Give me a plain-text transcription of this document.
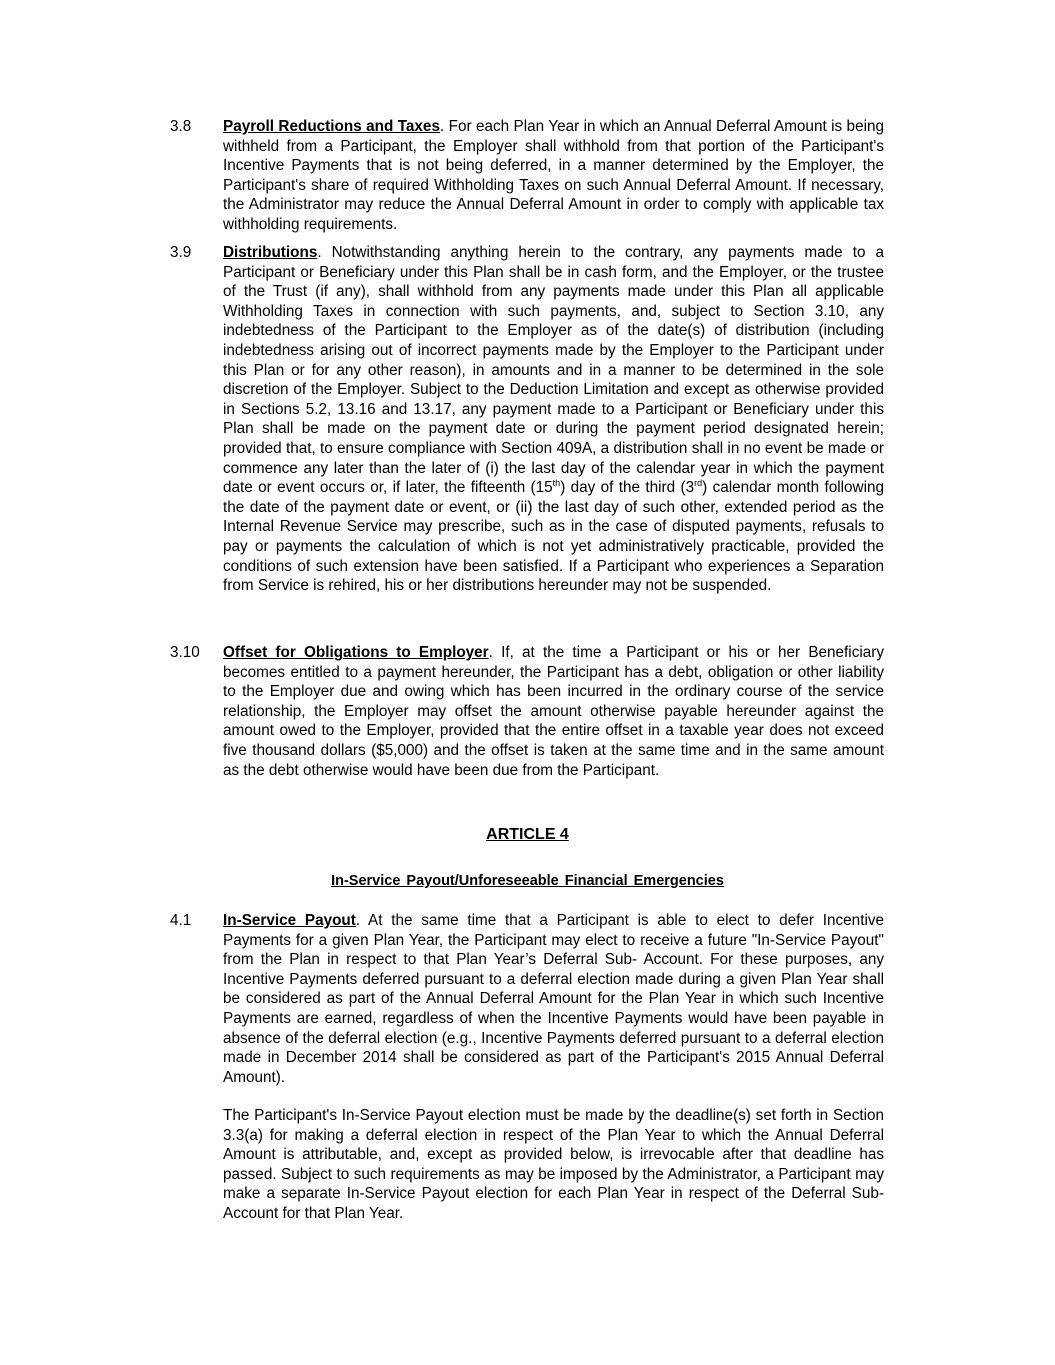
3.8	Payroll Reductions and Taxes. For each Plan Year in which an Annual Deferral Amount is being withheld from a Participant, the Employer shall withhold from that portion of the Participant's Incentive Payments that is not being deferred, in a manner determined by the Employer, the Participant's share of required Withholding Taxes on such Annual Deferral Amount. If necessary, the Administrator may reduce the Annual Deferral Amount in order to comply with applicable tax withholding requirements.
3.9	Distributions. Notwithstanding anything herein to the contrary, any payments made to a Participant or Beneficiary under this Plan shall be in cash form, and the Employer, or the trustee of the Trust (if any), shall withhold from any payments made under this Plan all applicable Withholding Taxes in connection with such payments, and, subject to Section 3.10, any indebtedness of the Participant to the Employer as of the date(s) of distribution (including indebtedness arising out of incorrect payments made by the Employer to the Participant under this Plan or for any other reason), in amounts and in a manner to be determined in the sole discretion of the Employer. Subject to the Deduction Limitation and except as otherwise provided in Sections 5.2, 13.16 and 13.17, any payment made to a Participant or Beneficiary under this Plan shall be made on the payment date or during the payment period designated herein; provided that, to ensure compliance with Section 409A, a distribution shall in no event be made or commence any later than the later of (i) the last day of the calendar year in which the payment date or event occurs or, if later, the fifteenth (15th) day of the third (3rd) calendar month following the date of the payment date or event, or (ii) the last day of such other, extended period as the Internal Revenue Service may prescribe, such as in the case of disputed payments, refusals to pay or payments the calculation of which is not yet administratively practicable, provided the conditions of such extension have been satisfied. If a Participant who experiences a Separation from Service is rehired, his or her distributions hereunder may not be suspended.
3.10	Offset for Obligations to Employer. If, at the time a Participant or his or her Beneficiary becomes entitled to a payment hereunder, the Participant has a debt, obligation or other liability to the Employer due and owing which has been incurred in the ordinary course of the service relationship, the Employer may offset the amount otherwise payable hereunder against the amount owed to the Employer, provided that the entire offset in a taxable year does not exceed five thousand dollars ($5,000) and the offset is taken at the same time and in the same amount as the debt otherwise would have been due from the Participant.
ARTICLE 4
In-Service Payout/Unforeseeable Financial Emergencies
4.1	In-Service Payout. At the same time that a Participant is able to elect to defer Incentive Payments for a given Plan Year, the Participant may elect to receive a future "In-Service Payout" from the Plan in respect to that Plan Year’s Deferral Sub- Account. For these purposes, any Incentive Payments deferred pursuant to a deferral election made during a given Plan Year shall be considered as part of the Annual Deferral Amount for the Plan Year in which such Incentive Payments are earned, regardless of when the Incentive Payments would have been payable in absence of the deferral election (e.g., Incentive Payments deferred pursuant to a deferral election made in December 2014 shall be considered as part of the Participant's 2015 Annual Deferral Amount).
The Participant's In-Service Payout election must be made by the deadline(s) set forth in Section 3.3(a) for making a deferral election in respect of the Plan Year to which the Annual Deferral Amount is attributable, and, except as provided below, is irrevocable after that deadline has passed. Subject to such requirements as may be imposed by the Administrator, a Participant may make a separate In-Service Payout election for each Plan Year in respect of the Deferral Sub-Account for that Plan Year.
